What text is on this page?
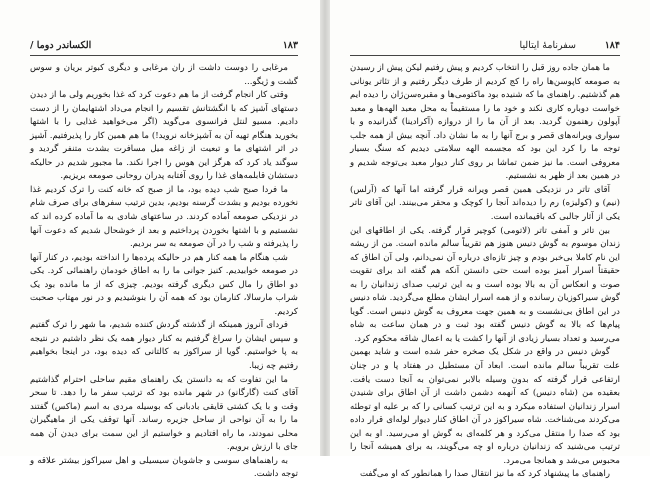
۱۸۳
الکساندر دوما /

مرغابی را دوست داشت از ران مرغابی و دیگری کبوتر بریان و سوس گشت و ژیگو...

وقتی کار انجام گرفت از ما هم دعوت کرد که غذا بخوریم ولی ما از دیدن دستهای آشپز که با انگشتانش تقسیم را انجام می‌داد اشتهایمان را از دست دادیم. مسیو لنتل فرانسوی می‌گوید (اگر می‌خواهید غذایی را با اشتها بخورید هنگام تهیه آن به آشپزخانه نروید!) ما هم همین کار را پذیرفتیم. آشپز در اثر اشتهای ما و تبعیت از زاغه میل مسافرت بشدت متنفر گردید و سوگند یاد کرد که هرگز این هوس را اجرا نکند. ما مجبور شدیم در حالیکه دستشان قابلمه‌های غذا را روی آفتابه پدران روحانی صومعه بریزیم.

ما فردا صبح شب دیده بود، ما از صبح که خانه کنت را ترک کردیم غذا نخورده بودیم و بشدت گرسنه بودیم، بدین ترتیب سفرهای برای صرف شام در نزدیکی صومعه آماده کردند. در ساعتهای شادی به ما آماده کرده اند که نشستیم و با اشتها بخوردن پرداختیم و بعد از خوشحال شدیم که دعوت آنها را پذیرفته و شب را در آن صومعه به سر بردیم.

شب هنگام ما همه کنار هم در حالیکه پرده‌ها را انداخته بودیم، در کنار آنها در صومعه خوابیدیم. کنیز جوانی ما را به اطاق خودمان راهنمائی کرد. یکی دو اطاق را مال کس دیگری گرفته بودیم. چیزی که از ما مانده بود یک شراب مارسالا، کنارمان بود که همه آن را بنوشیدیم و در نور مهتاب صحبت کردیم.

فردای آنروز همینکه از گذشته گردش کننده شدیم، ما شهر را ترک گفتیم و سپس ایشان را سراغ گرفتیم به کنار دیوار همه یک نظر داشتیم در نتیجه به پا خواستیم. گویا از سراکوز به کالتانی که دیده بود، در اینجا بخواهیم رفتیم چه زیبا.

ما این تفاوت که به دانستن یک راهنمای مقیم ساحلی احترام گذاشتیم آقای کنت (گارگانو) در شهر مانده بود که ترتیب سفر ما را دهد. تا سحر وقت و با یک کشتی قایقی بادبانی که بوسیله مردی به اسم (ماکس) گفتند ما را به آن نواحی از ساحل جزیره رساند. آنها توقف یکی از ماهیگیران محلی نمودند، ما راه افتادیم و خواستیم از این سمت برای دیدن آن همه جای با ارزش برویم.

به راهنماهای سوسی و جاشوبان سیسیلی و اهل سیراکوز بیشتر علاقه و توجه داشت.

۱۸۴
سفرنامهٔ ایتالیا

ما همان جاده روز قبل را انتخاب کردیم و پیش رفتیم لیکن پیش از رسیدن به صومعه کاپوسن‌ها راه را کج کردیم از طرف دیگر رفتیم و از تئاتر یونانی هم گذشتیم. راهنمای ما که شنیده بود ماکتومی‌ها و مقبره‌سن‌ژان را دیده ایم خواست دوباره کاری نکند و خود ما را مستقیماً به محل معبد الهه‌ها و معبد آپولون رهنمون گردید. بعد از آن ما را از دروازه (آکرادینا) گذرانیده و با سواری ویرانه‌های قصر و برج آنها را به ما نشان داد. آنچه بیش از همه جلب توجه ما را کرد این بود که مجسمه الهه سلامتی دیدیم که سنگ بسیار معروفی است. ما نیز ضمن تماشا بر روی کنار دیوار معبد بی‌توجه شدیم و در همین بعد از ظهر به نشستیم.

آقای تاتر در نزدیکی همین قصر ویرانه قرار گرفته اما آنها که (آرلس) (نیم) و (کولیزه) رم را دیده‌اند آنجا را کوچک و محقر می‌بینند. این آقای تاتر یکی از آثار جالبی که باقیمانده است.

بین تاتر و آمفی تاتر (لاتومی) کوچیر قرار گرفته. یکی از اطاقهای این زندان موسوم به گوش دنیس هنوز هم تقریباً سالم مانده است. من از ریشه این نام کاملا بی‌خبر بودم و چیز تازه‌ای درباره آن نمی‌دانم، ولی آن اطاق که حقیقتاً اسرار آمیز بوده است حتی دانستن آنکه هم گفته اند برای تقویت صوت و انعکاس آن به بالا بوده است و به این ترتیب صدای زندانیان را به گوش سیراکوزیان رسانده و از همه اسرار ایشان مطلع می‌گردید. شاه دنیس در این اطاق بی‌نشست و به همین جهت معروف به گوش دنیس است. گویا پیام‌ها که بالا به گوش دنیس گفته بود ثبت و در همان ساعت به شاه می‌رسید و تعداد بسیار زیادی از آنها را کشت یا به اعمال شاقه محکوم کرد.

گوش دنیس در واقع در شکل یک صخره حفر شده است و شاید بهمین علت تقریباً سالم مانده است. ابعاد آن مستطیل در هفتاد پا و در چنان ارتفاعی قرار گرفته که بدون وسیله بالابر نمی‌توان به آنجا دست یافت. بعقیده من (شاه دنیس) که آنهمه دشمن داشت از آن اطاق برای شنیدن اسرار زندانیان استفاده میکرد و به این ترتیب کسانی را که بر علیه او توطئه می‌کردند می‌شناخت. شاه سیراکوز در آن اطاق کنار دیوار لوله‌ای قرار داده بود که صدا را منتقل می‌کرد و هر کلمه‌ای به گوش او می‌رسید. او به این ترتیب می‌شنید که زندانیان درباره او چه می‌گویند، به برای همیشه آنجا را محبوس می‌شد و همانجا می‌مرد.

راهنمای ما پیشنهاد کرد که ما نیز انتقال صدا را همانطور که او می‌گفت
